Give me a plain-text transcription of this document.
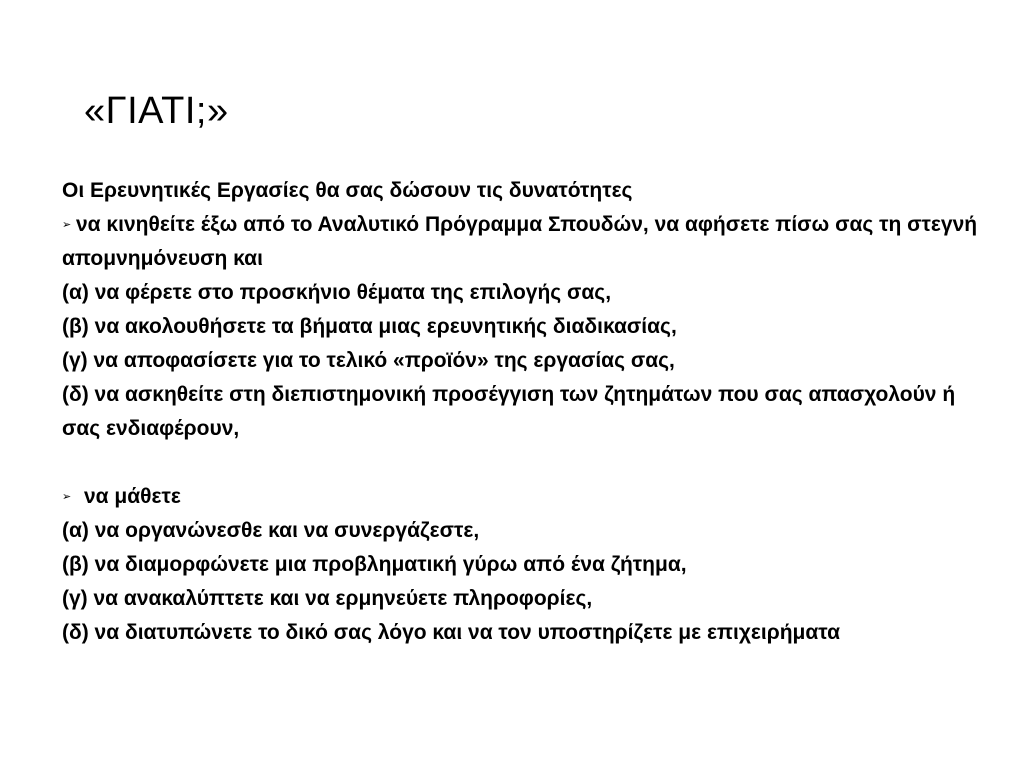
«ΓΙΑΤΙ;»
Οι Ερευνητικές Εργασίες θα σας δώσουν τις δυνατότητες
➢ να κινηθείτε έξω από το Αναλυτικό Πρόγραμμα Σπουδών, να αφήσετε πίσω σας τη στεγνή απομνημόνευση και
(α) να φέρετε στο προσκήνιο θέματα της επιλογής σας,
(β) να ακολουθήσετε τα βήματα μιας ερευνητικής διαδικασίας,
(γ) να αποφασίσετε για το τελικό «προϊόν» της εργασίας σας,
(δ) να ασκηθείτε στη διεπιστημονική προσέγγιση των ζητημάτων που σας απασχολούν ή σας ενδιαφέρουν,
➢ να μάθετε
(α) να οργανώνεσθε και να συνεργάζεστε,
(β) να διαμορφώνετε μια προβληματική γύρω από ένα ζήτημα,
(γ) να ανακαλύπτετε και να ερμηνεύετε πληροφορίες,
(δ) να διατυπώνετε το δικό σας λόγο και να τον υποστηρίζετε με επιχειρήματα
